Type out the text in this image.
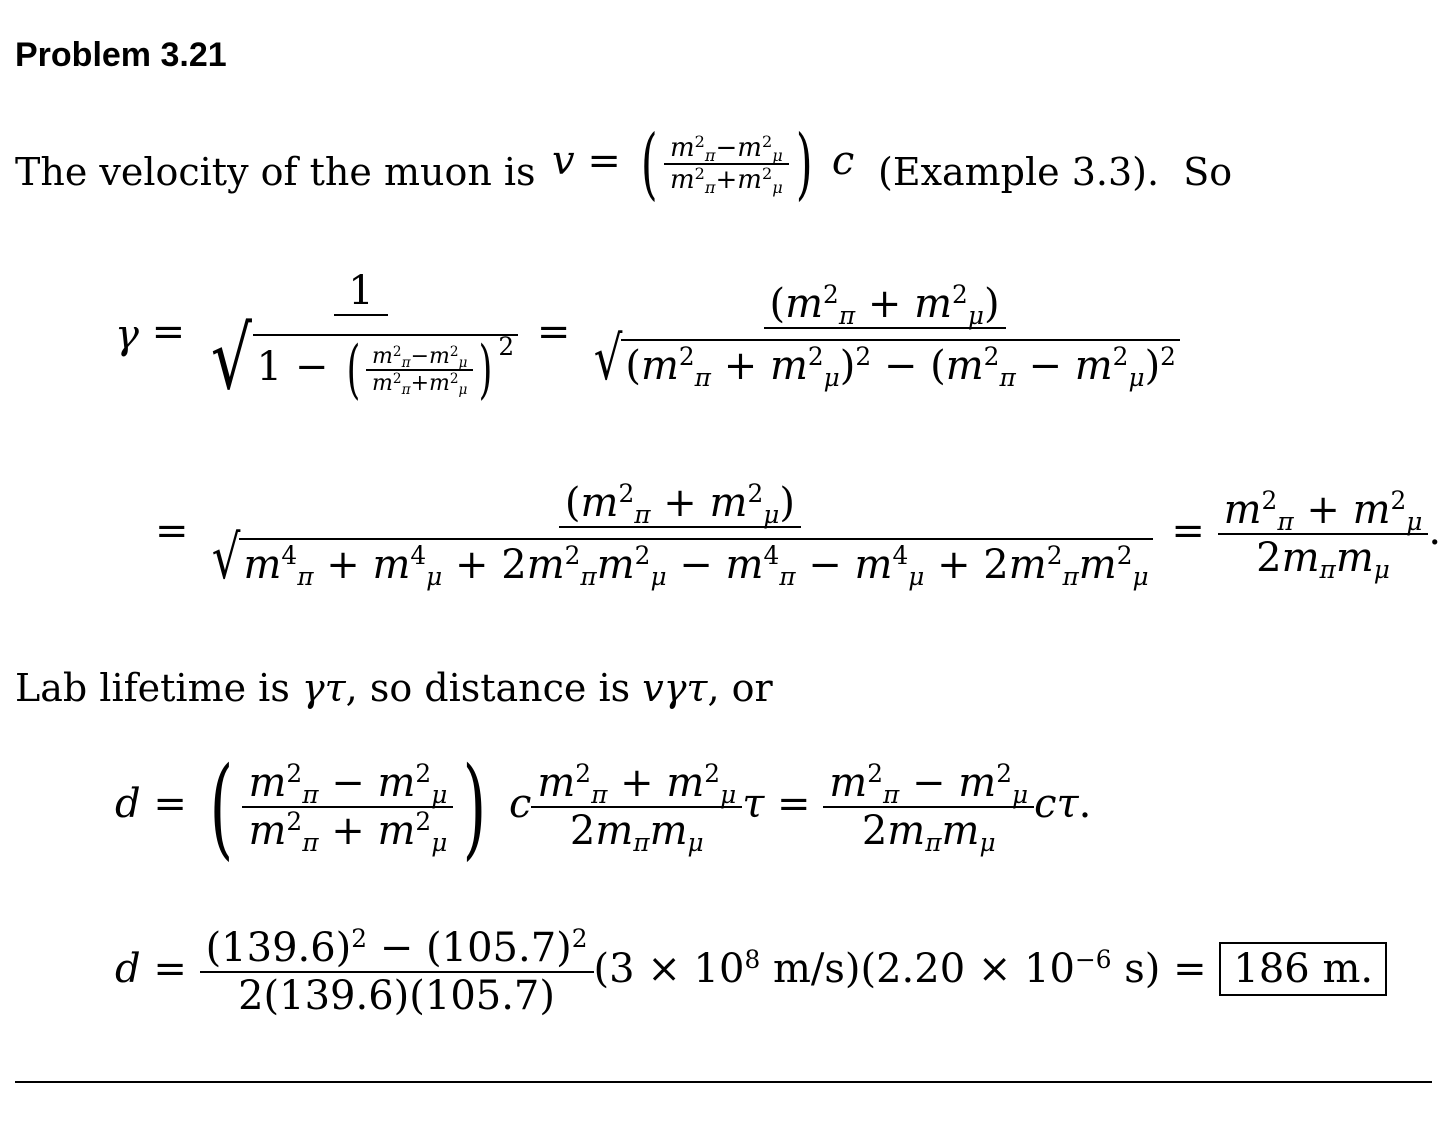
Problem 3.21
The velocity of the muon is v = ( $\frac{m^2_\pi-m^2_\mu}{m^2_\pi+m^2_\mu}$ ) c (Example 3.3). So
$\gamma = \frac{1}{√ 1 - ( \frac{m^2_\pi-m^2_\mu}{m^2_\pi+m^2_\mu} ) ^2} = \frac{(m^2_\pi + m^2_\mu)}{√ (m^2_\pi + m^2_\mu)^2 - (m^2_\pi - m^2_\mu)^2}$
= $\frac{(m^2_\pi + m^2_\mu)}{√ m^4_\pi + m^4_\mu + 2m^2_\pi m^2_\mu - m^4_\pi - m^4_\mu + 2m^2_\pi m^2_\mu} = \frac{m^2_\pi + m^2_\mu}{2m_\pi m_\mu}$ .
Lab lifetime is γτ, so distance is vγτ, or
d = ( $\frac{m^2_\pi - m^2_\mu}{m^2_\pi + m^2_\mu}$ ) c $\frac{m^2_\pi + m^2_\mu}{2m_\pi m_\mu}$ $\tau = \frac{m^2_\pi - m^2_\mu}{2m_\pi m_\mu} c\tau$.
$d = \frac{(139.6)^2 - (105.7)^2}{2(139.6)(105.7)} (3 \times 10^8$ $m/s)(2.20 \times 10^{-6}$ s) = 186 m.
